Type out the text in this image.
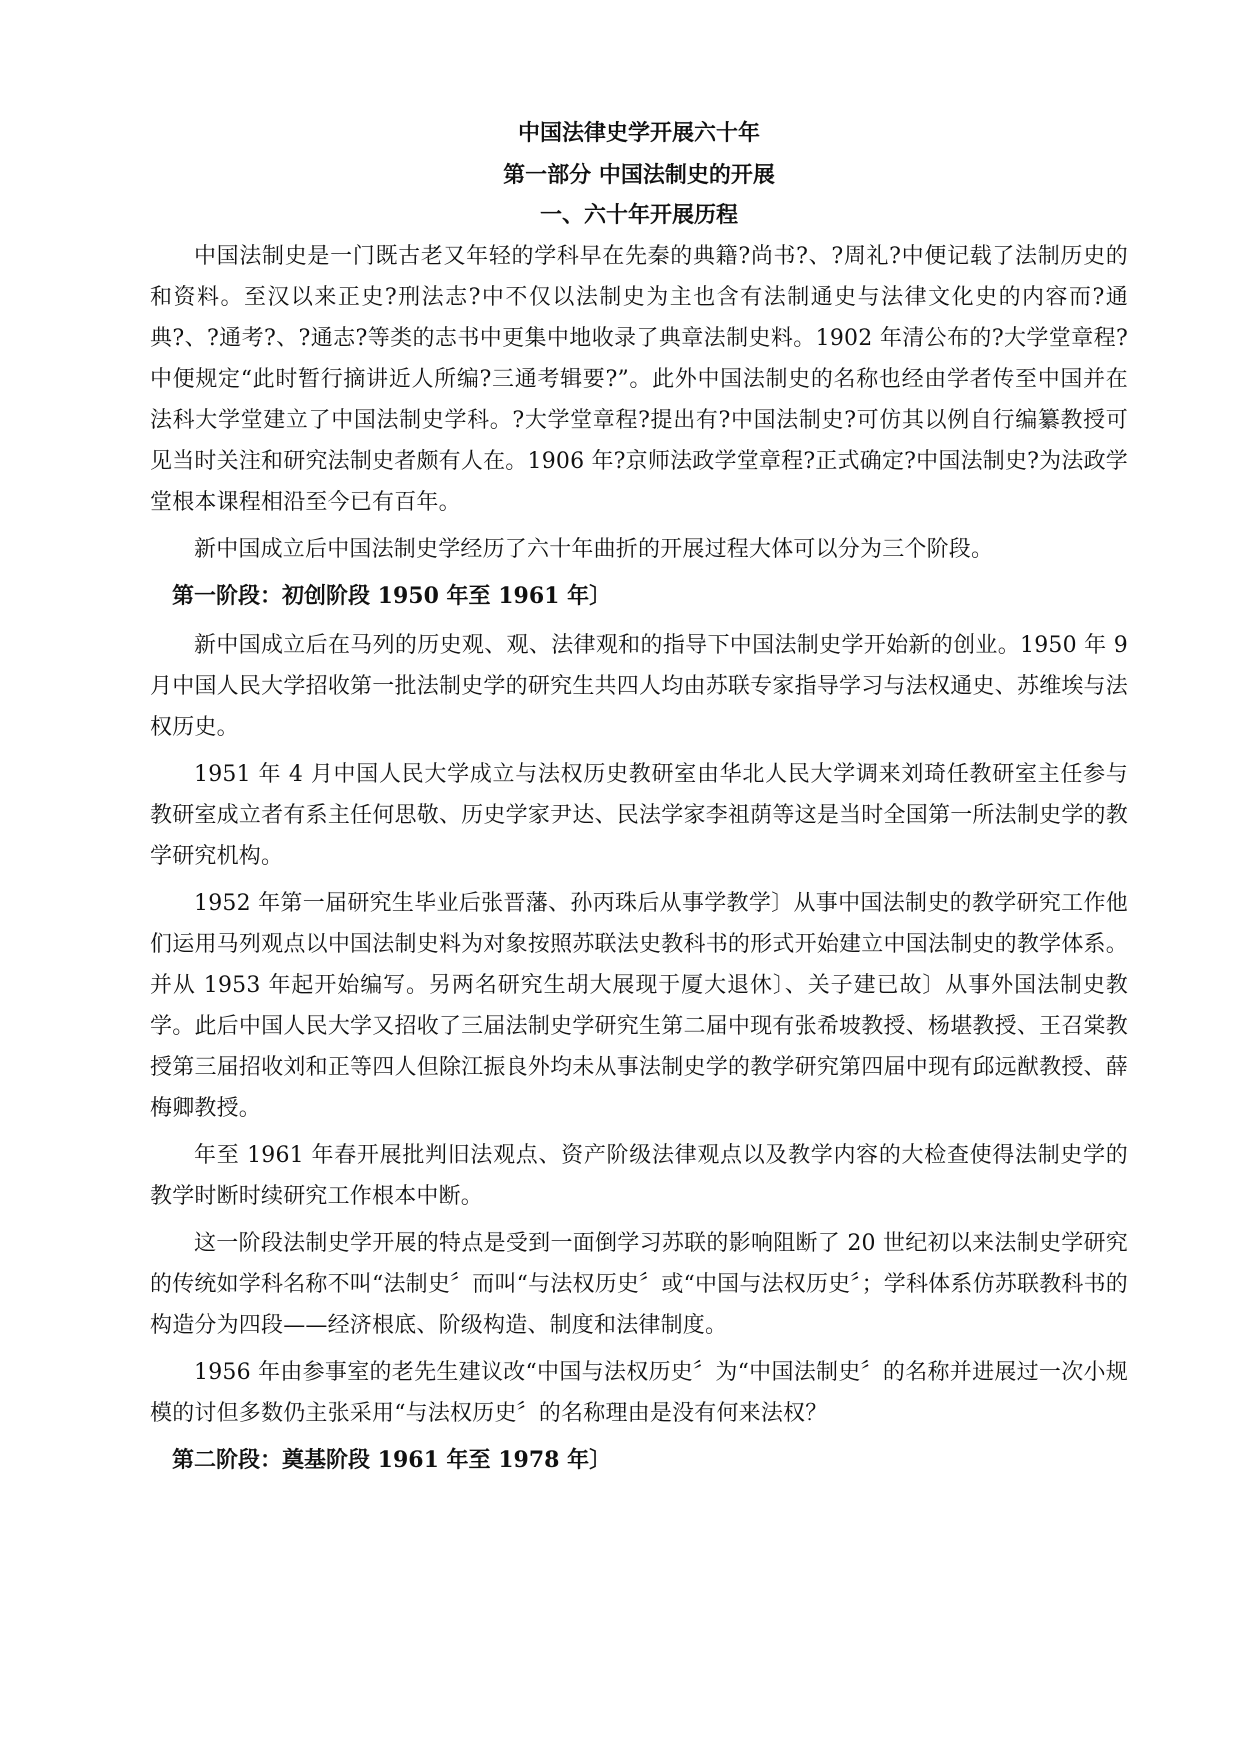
中国法律史学开展六十年
第一部分 中国法制史的开展
一、六十年开展历程

中国法制史是一门既古老又年轻的学科早在先秦的典籍?尚书?、?周礼?中便记载了法制历史的和资料。至汉以来正史?刑法志?中不仅以法制史为主也含有法制通史与法律文化史的内容而?通典?、?通考?、?通志?等类的志书中更集中地收录了典章法制史料。1902 年清公布的?大学堂章程?中便规定“此时暂行摘讲近人所编?三通考辑要?”。此外中国法制史的名称也经由学者传至中国并在法科大学堂建立了中国法制史学科。?大学堂章程?提出有?中国法制史?可仿其以例自行编纂教授可见当时关注和研究法制史者颇有人在。1906 年?京师法政学堂章程?正式确定?中国法制史?为法政学堂根本课程相沿至今已有百年。

新中国成立后中国法制史学经历了六十年曲折的开展过程大体可以分为三个阶段。

第一阶段：初创阶段 1950 年至 1961 年〕

新中国成立后在马列的历史观、观、法律观和的指导下中国法制史学开始新的创业。1950 年 9 月中国人民大学招收第一批法制史学的研究生共四人均由苏联专家指导学习与法权通史、苏维埃与法权历史。

1951 年 4 月中国人民大学成立与法权历史教研室由华北人民大学调来刘琦任教研室主任参与教研室成立者有系主任何思敬、历史学家尹达、民法学家李祖荫等这是当时全国第一所法制史学的教学研究机构。

1952 年第一届研究生毕业后张晋藩、孙丙珠后从事学教学〕从事中国法制史的教学研究工作他们运用马列观点以中国法制史料为对象按照苏联法史教科书的形式开始建立中国法制史的教学体系。并从 1953 年起开始编写。另两名研究生胡大展现于厦大退休〕、关子建已故〕从事外国法制史教学。此后中国人民大学又招收了三届法制史学研究生第二届中现有张希坡教授、杨堪教授、王召棠教授第三届招收刘和正等四人但除江振良外均未从事法制史学的教学研究第四届中现有邱远猷教授、薛梅卿教授。

年至 1961 年春开展批判旧法观点、资产阶级法律观点以及教学内容的大检查使得法制史学的教学时断时续研究工作根本中断。

这一阶段法制史学开展的特点是受到一面倒学习苏联的影响阻断了 20 世纪初以来法制史学研究的传统如学科名称不叫“法制史〞而叫“与法权历史〞或“中国与法权历史〞；学科体系仿苏联教科书的构造分为四段——经济根底、阶级构造、制度和法律制度。

1956 年由参事室的老先生建议改“中国与法权历史〞为“中国法制史〞的名称并进展过一次小规模的讨但多数仍主张采用“与法权历史〞的名称理由是没有何来法权？

第二阶段：奠基阶段 1961 年至 1978 年〕
